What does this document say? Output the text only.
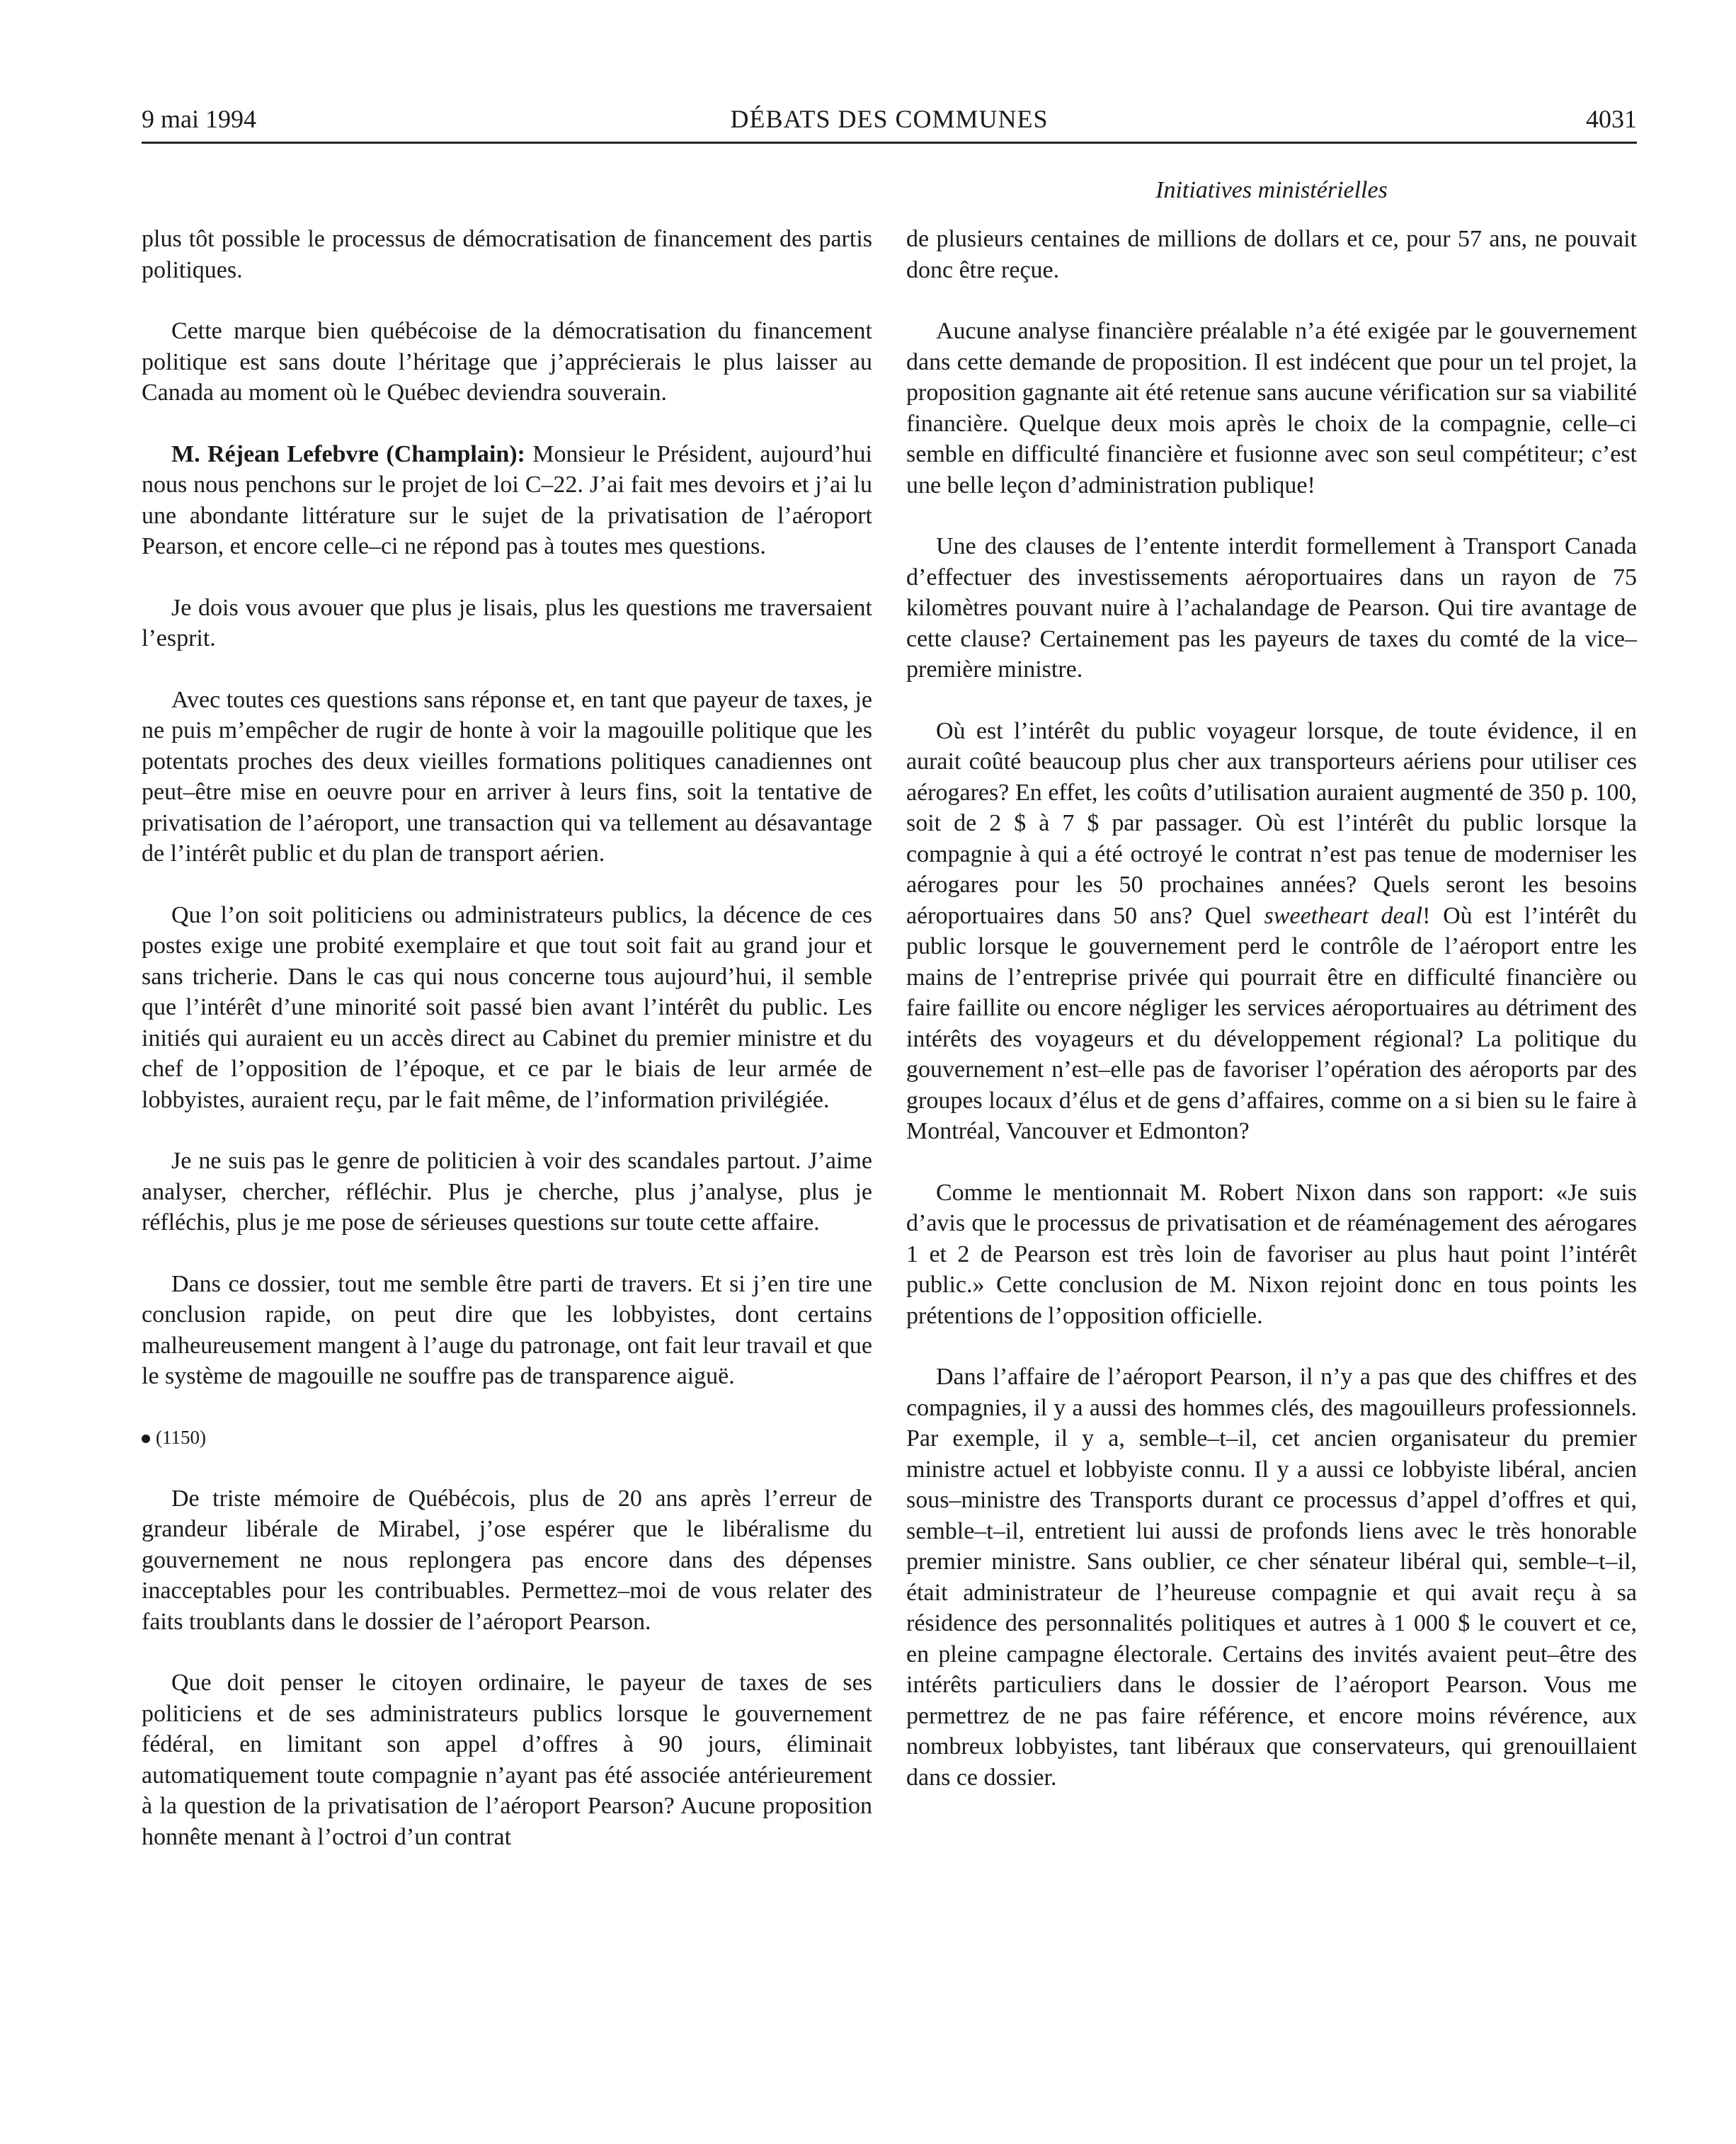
9 mai 1994	DÉBATS DES COMMUNES	4031
Initiatives ministérielles

plus tôt possible le processus de démocratisation de financement des partis politiques.

Cette marque bien québécoise de la démocratisation du financement politique est sans doute l’héritage que j’apprécierais le plus laisser au Canada au moment où le Québec deviendra souverain.

M. Réjean Lefebvre (Champlain): Monsieur le Président, aujourd’hui nous nous penchons sur le projet de loi C–22. J’ai fait mes devoirs et j’ai lu une abondante littérature sur le sujet de la privatisation de l’aéroport Pearson, et encore celle–ci ne répond pas à toutes mes questions.

Je dois vous avouer que plus je lisais, plus les questions me traversaient l’esprit.

Avec toutes ces questions sans réponse et, en tant que payeur de taxes, je ne puis m’empêcher de rugir de honte à voir la magouille politique que les potentats proches des deux vieilles formations politiques canadiennes ont peut–être mise en oeuvre pour en arriver à leurs fins, soit la tentative de privatisation de l’aéroport, une transaction qui va tellement au désavantage de l’intérêt public et du plan de transport aérien.

Que l’on soit politiciens ou administrateurs publics, la décence de ces postes exige une probité exemplaire et que tout soit fait au grand jour et sans tricherie. Dans le cas qui nous concerne tous aujourd’hui, il semble que l’intérêt d’une minorité soit passé bien avant l’intérêt du public. Les initiés qui auraient eu un accès direct au Cabinet du premier ministre et du chef de l’opposition de l’époque, et ce par le biais de leur armée de lobbyistes, auraient reçu, par le fait même, de l’information privilégiée.

Je ne suis pas le genre de politicien à voir des scandales partout. J’aime analyser, chercher, réfléchir. Plus je cherche, plus j’analyse, plus je réfléchis, plus je me pose de sérieuses questions sur toute cette affaire.

Dans ce dossier, tout me semble être parti de travers. Et si j’en tire une conclusion rapide, on peut dire que les lobbyistes, dont certains malheureusement mangent à l’auge du patronage, ont fait leur travail et que le système de magouille ne souffre pas de transparence aiguë.

(1150)

De triste mémoire de Québécois, plus de 20 ans après l’erreur de grandeur libérale de Mirabel, j’ose espérer que le libéralisme du gouvernement ne nous replongera pas encore dans des dépenses inacceptables pour les contribuables. Permettez–moi de vous relater des faits troublants dans le dossier de l’aéroport Pearson.

Que doit penser le citoyen ordinaire, le payeur de taxes de ses politiciens et de ses administrateurs publics lorsque le gouvernement fédéral, en limitant son appel d’offres à 90 jours, éliminait automatiquement toute compagnie n’ayant pas été associée antérieurement à la question de la privatisation de l’aéroport Pearson? Aucune proposition honnête menant à l’octroi d’un contrat

de plusieurs centaines de millions de dollars et ce, pour 57 ans, ne pouvait donc être reçue.

Aucune analyse financière préalable n’a été exigée par le gouvernement dans cette demande de proposition. Il est indécent que pour un tel projet, la proposition gagnante ait été retenue sans aucune vérification sur sa viabilité financière. Quelque deux mois après le choix de la compagnie, celle–ci semble en difficulté financière et fusionne avec son seul compétiteur; c’est une belle leçon d’administration publique!

Une des clauses de l’entente interdit formellement à Transport Canada d’effectuer des investissements aéroportuaires dans un rayon de 75 kilomètres pouvant nuire à l’achalandage de Pearson. Qui tire avantage de cette clause? Certainement pas les payeurs de taxes du comté de la vice–première ministre.

Où est l’intérêt du public voyageur lorsque, de toute évidence, il en aurait coûté beaucoup plus cher aux transporteurs aériens pour utiliser ces aérogares? En effet, les coûts d’utilisation auraient augmenté de 350 p. 100, soit de 2 $ à 7 $ par passager. Où est l’intérêt du public lorsque la compagnie à qui a été octroyé le contrat n’est pas tenue de moderniser les aérogares pour les 50 prochaines années? Quels seront les besoins aéroportuaires dans 50 ans? Quel sweetheart deal! Où est l’intérêt du public lorsque le gouvernement perd le contrôle de l’aéroport entre les mains de l’entreprise privée qui pourrait être en difficulté financière ou faire faillite ou encore négliger les services aéroportuaires au détriment des intérêts des voyageurs et du développement régional? La politique du gouvernement n’est–elle pas de favoriser l’opération des aéroports par des groupes locaux d’élus et de gens d’affaires, comme on a si bien su le faire à Montréal, Vancouver et Edmonton?

Comme le mentionnait M. Robert Nixon dans son rapport: «Je suis d’avis que le processus de privatisation et de réaménagement des aérogares 1 et 2 de Pearson est très loin de favoriser au plus haut point l’intérêt public.» Cette conclusion de M. Nixon rejoint donc en tous points les prétentions de l’opposition officielle.

Dans l’affaire de l’aéroport Pearson, il n’y a pas que des chiffres et des compagnies, il y a aussi des hommes clés, des magouilleurs professionnels. Par exemple, il y a, semble–t–il, cet ancien organisateur du premier ministre actuel et lobbyiste connu. Il y a aussi ce lobbyiste libéral, ancien sous–ministre des Transports durant ce processus d’appel d’offres et qui, semble–t–il, entretient lui aussi de profonds liens avec le très honorable premier ministre. Sans oublier, ce cher sénateur libéral qui, semble–t–il, était administrateur de l’heureuse compagnie et qui avait reçu à sa résidence des personnalités politiques et autres à 1 000 $ le couvert et ce, en pleine campagne électorale. Certains des invités avaient peut–être des intérêts particuliers dans le dossier de l’aéroport Pearson. Vous me permettrez de ne pas faire référence, et encore moins révérence, aux nombreux lobbyistes, tant libéraux que conservateurs, qui grenouillaient dans ce dossier.
